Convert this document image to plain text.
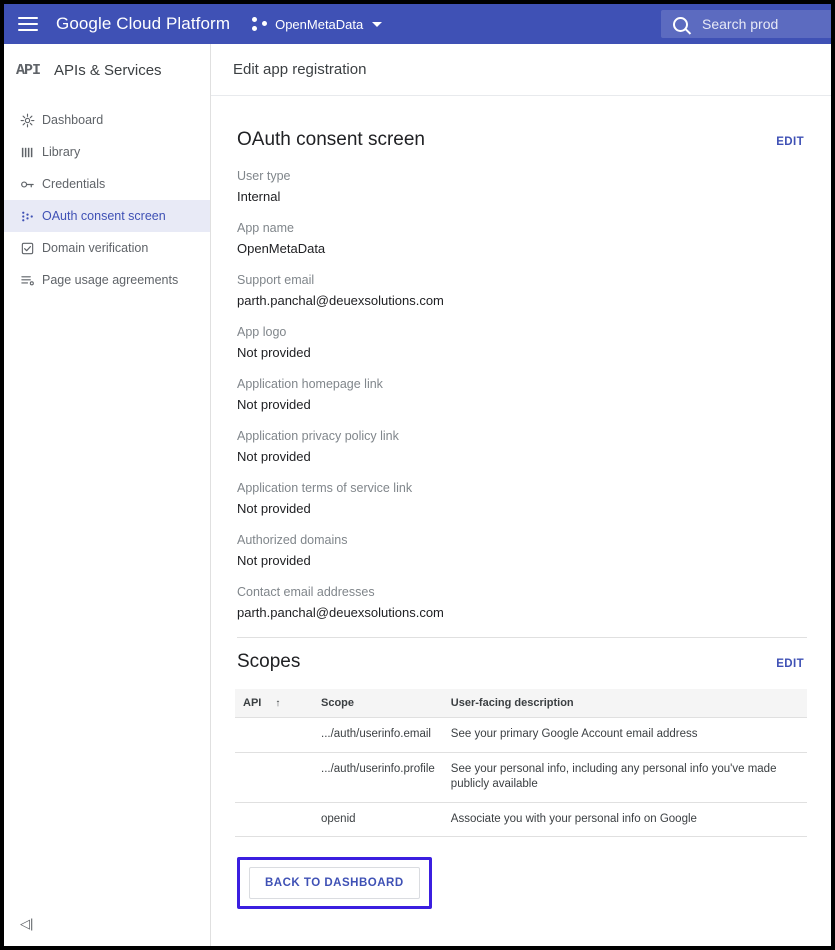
Google Cloud Platform	OpenMetaData	Search prod
API APIs & Services
Dashboard
Library
Credentials
OAuth consent screen
Domain verification
Page usage agreements
◁|
Edit app registration
OAuth consent screen	EDIT
User type
Internal
App name
OpenMetaData
Support email
parth.panchal@deuexsolutions.com
App logo
Not provided
Application homepage link
Not provided
Application privacy policy link
Not provided
Application terms of service link
Not provided
Authorized domains
Not provided
Contact email addresses
parth.panchal@deuexsolutions.com
Scopes	EDIT
API ↑	Scope	User-facing description
	.../auth/userinfo.email	See your primary Google Account email address
	.../auth/userinfo.profile	See your personal info, including any personal info you've made publicly available
	openid	Associate you with your personal info on Google
BACK TO DASHBOARD
